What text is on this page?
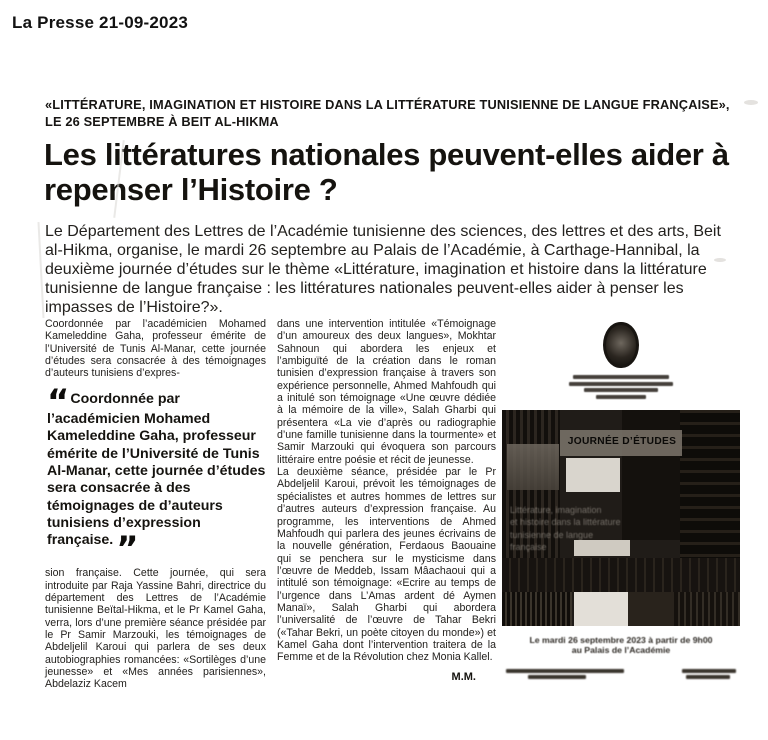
La Presse 21-09-2023
«LITTÉRATURE, IMAGINATION ET HISTOIRE DANS LA LITTÉRATURE TUNISIENNE DE LANGUE FRANÇAISE», LE 26 SEPTEMBRE À BEIT AL-HIKMA
Les littératures nationales peuvent-elles aider à repenser l’Histoire ?

Le Département des Lettres de l’Académie tunisienne des sciences, des lettres et des arts, Beit al-Hikma, organise, le mardi 26 septembre au Palais de l’Académie, à Carthage-Hannibal, la deuxième journée d’études sur le thème «Littérature, imagination et histoire dans la littérature tunisienne de langue française : les littératures nationales peuvent-elles aider à penser les impasses de l’Histoire?».

Coordonnée par l’académicien Mohamed Kameleddine Gaha, professeur émérite de l’Université de Tunis Al-Manar, cette journée d’études sera consacrée à des témoignages d’auteurs tunisiens d’expres-

“ Coordonnée par l’académicien Mohamed Kameleddine Gaha, professeur émérite de l’Université de Tunis Al-Manar, cette journée d’études sera consacrée à des témoignages de d’auteurs tunisiens d’expression française.”

sion française. Cette journée, qui sera introduite par Raja Yassine Bahri, directrice du département des Lettres de l’Académie tunisienne Beïtal-Hikma, et le Pr Kamel Gaha, verra, lors d’une première séance présidée par le Pr Samir Marzouki, les témoignages de Abdeljelil Karoui qui parlera de ses deux autobiographies romancées: «Sortilèges d’une jeunesse» et «Mes années parisiennes», Abdelaziz Kacem

dans une intervention intitulée «Témoignage d’un amoureux des deux langues», Mokhtar Sahnoun qui abordera les enjeux et l’ambiguïté de la création dans le roman tunisien d’expression française à travers son expérience personnelle, Ahmed Mahfoudh qui a initulé son témoignage «Une œuvre dédiée à la mémoire de la ville», Salah Gharbi qui présentera «La vie d’après ou radiographie d’une famille tunisienne dans la tourmente» et Samir Marzouki qui évoquera son parcours littéraire entre poésie et récit de jeunesse.

La deuxième séance, présidée par le Pr Abdeljelil Karoui, prévoit les témoignages de spécialistes et autres hommes de lettres sur d’autres auteurs d’expression française. Au programme, les interventions de Ahmed Mahfoudh qui parlera des jeunes écrivains de la nouvelle génération, Ferdaous Baouaine qui se penchera sur le mysticisme dans l’œuvre de Meddeb, Issam Mâachaoui qui a intitulé son témoignage: «Ecrire au temps de l’urgence dans L’Amas ardent dé Aymen Manaï», Salah Gharbi qui abordera l’universalité de l’œuvre de Tahar Bekri («Tahar Bekri, un poète citoyen du monde») et Kamel Gaha dont l’intervention traitera de la Femme et de la Révolution chez Monia Kallel.

M.M.
JOURNÉE D’ÉTUDES
Littérature, imagination
et histoire dans la littérature
tunisienne de langue
française
Le mardi 26 septembre 2023 à partir de 9h00
au Palais de l’Académie
